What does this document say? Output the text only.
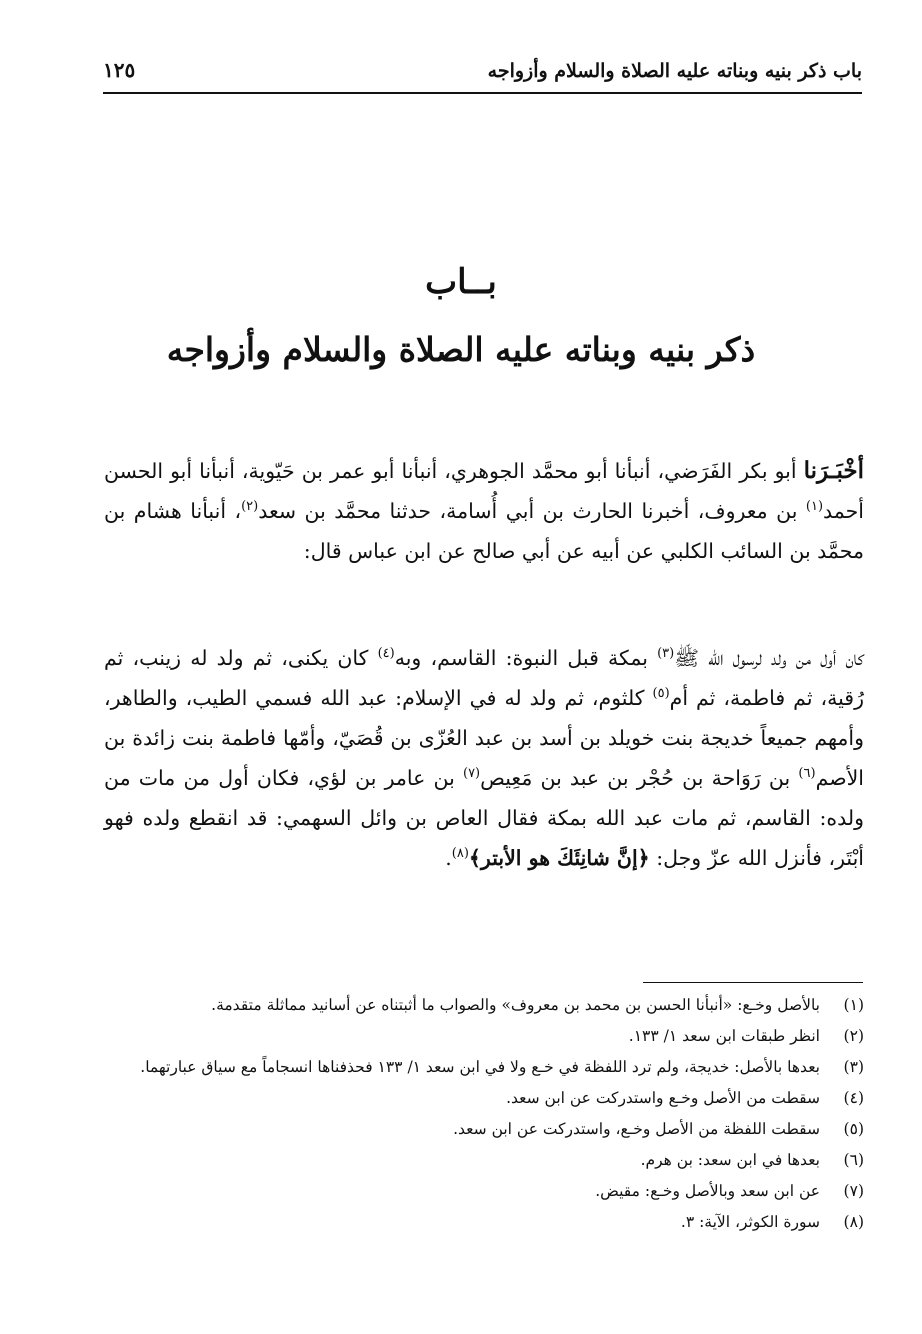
باب ذكر بنيه وبناته عليه الصلاة والسلام وأزواجه
١٢٥
بــاب
ذكر بنيه وبناته عليه الصلاة والسلام وأزواجه

أخْبَـرَنا أبو بكر الفَرَضي، أنبأنا أبو محمَّد الجوهري، أنبأنا أبو عمر بن حَيّوية، أنبأنا أبو الحسن أحمد$^{(١)}$ بن معروف، أخبرنا الحارث بن أبي أُسامة، حدثنا محمَّد بن سعد$^{(٢)}$، أنبأنا هشام بن محمَّد بن السائب الكلبي عن أبيه عن أبي صالح عن ابن عباس قال:

كان أول من ولد لرسول الله ﷺ$^{(٣)}$ بمكة قبل النبوة: القاسم، وبه$^{(٤)}$ كان يكنى، ثم ولد له زينب، ثم رُقية، ثم فاطمة، ثم أم$^{(٥)}$ كلثوم، ثم ولد له في الإسلام: عبد الله فسمي الطيب، والطاهر، وأمهم جميعاً خديجة بنت خويلد بن أسد بن عبد العُزّى بن قُصَيّ، وأمّها فاطمة بنت زائدة بن الأصم$^{(٦)}$ بن رَوَاحة بن حُجْر بن عبد بن مَعِيص$^{(٧)}$ بن عامر بن لؤي، فكان أول من مات من ولده: القاسم، ثم مات عبد الله بمكة فقال العاص بن وائل السهمي: قد انقطع ولده فهو أبْتَر، فأنزل الله عزّ وجل: ﴿إنَّ شانِئَكَ هو الأبتر﴾$^{(٨)}$.

(١)
بالأصل وخـع: «أنبأنا الحسن بن محمد بن معروف» والصواب ما أثبتناه عن أسانيد مماثلة متقدمة.
(٢)
انظر طبقات ابن سعد ١/ ١٣٣.
(٣)
بعدها بالأصل: خديجة، ولم ترد اللفظة في خـع ولا في ابن سعد ١/ ١٣٣ فحذفناها انسجاماً مع سياق عبارتهما.
(٤)
سقطت من الأصل وخـع واستدركت عن ابن سعد.
(٥)
سقطت اللفظة من الأصل وخـع، واستدركت عن ابن سعد.
(٦)
بعدها في ابن سعد: بن هرم.
(٧)
عن ابن سعد وبالأصل وخـع: مقيض.
(٨)
سورة الكوثر، الآية: ٣.
